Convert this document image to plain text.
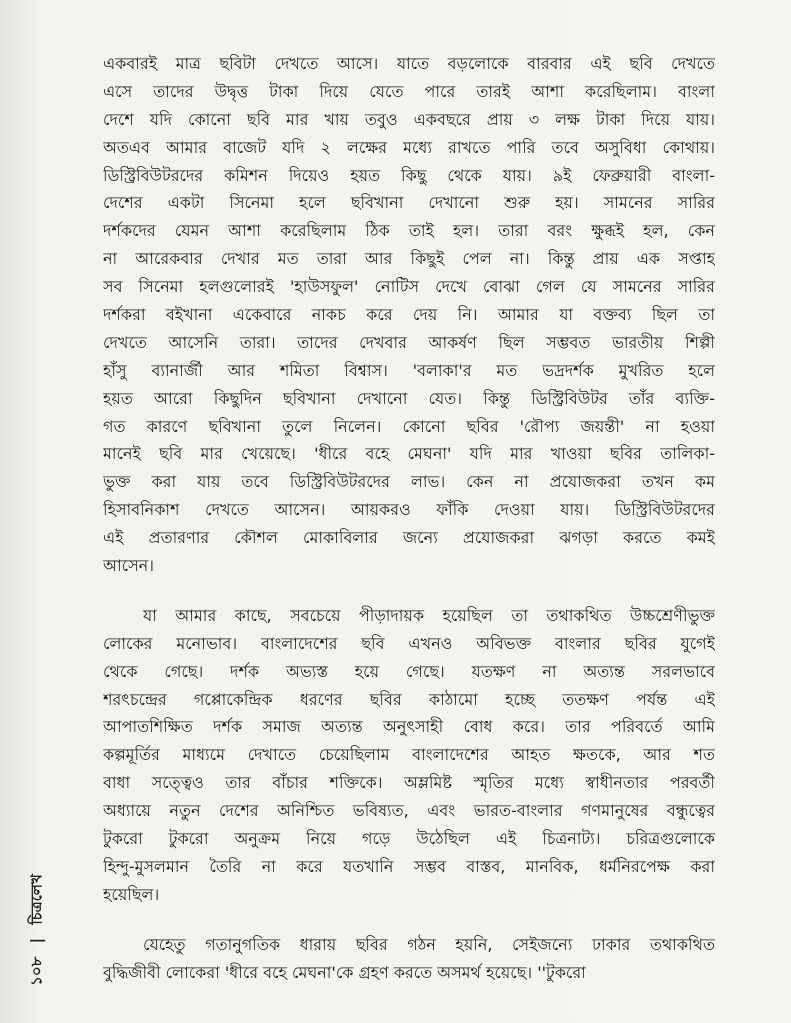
একবারই মাত্র ছবিটা দেখতে আসে। যাতে বড়লোকে বারবার এই ছবি দেখতে
এসে তাদের উদ্বৃত্ত টাকা দিয়ে যেতে পারে তারই আশা করেছিলাম। বাংলা
দেশে যদি কোনো ছবি মার খায় তবুও একবছরে প্রায় ৩ লক্ষ টাকা দিয়ে যায়।
অতএব আমার বাজেট যদি ২ লক্ষের মধ্যে রাখতে পারি তবে অসুবিধা কোথায়।
ডিস্ট্রিবিউটরদের কমিশন দিয়েও হয়ত কিছু থেকে যায়। ৯ই ফেব্রুয়ারী বাংলা-
দেশের একটা সিনেমা হলে ছবিখানা দেখানো শুরু হয়। সামনের সারির
দর্শকদের যেমন আশা করেছিলাম ঠিক তাই হল। তারা বরং ক্ষুব্ধই হল, কেন
না আরেকবার দেখার মত তারা আর কিছুই পেল না। কিন্তু প্রায় এক সপ্তাহ
সব সিনেমা হলগুলোরই 'হাউসফুল' নোটিস দেখে বোঝা গেল যে সামনের সারির
দর্শকরা বইখানা একেবারে নাকচ করে দেয় নি। আমার যা বক্তব্য ছিল তা
দেখতে আসেনি তারা। তাদের দেখবার আকর্ষণ ছিল সম্ভবত ভারতীয় শিল্পী
হাঁসু ব্যানার্জী আর শমিতা বিশ্বাস। 'বলাকা'র মত ভদ্রদর্শক মুখরিত হলে
হয়ত আরো কিছুদিন ছবিখানা দেখানো যেত। কিন্তু ডিস্ট্রিবিউটর তাঁর ব্যক্তি-
গত কারণে ছবিখানা তুলে নিলেন। কোনো ছবির 'রৌপ্য জয়ন্তী' না হওয়া
মানেই ছবি মার খেয়েছে। 'ধীরে বহে মেঘনা' যদি মার খাওয়া ছবির তালিকা-
ভুক্ত করা যায় তবে ডিস্ট্রিবিউটরদের লাভ। কেন না প্রযোজকরা তখন কম
হিসাবনিকাশ দেখতে আসেন। আয়করও ফাঁকি দেওয়া যায়। ডিস্ট্রিবিউটরদের
এই প্রতারণার কৌশল মোকাবিলার জন্যে প্রযোজকরা ঝগড়া করতে কমই
আসেন।
যা আমার কাছে, সবচেয়ে পীড়াদায়ক হয়েছিল তা তথাকথিত উচ্চশ্রেণীভুক্ত
লোকের মনোভাব। বাংলাদেশের ছবি এখনও অবিভক্ত বাংলার ছবির যুগেই
থেকে গেছে। দর্শক অভ্যস্ত হয়ে গেছে। যতক্ষণ না অত্যন্ত সরলভাবে
শরৎচন্দ্রের গপ্পোকেন্দ্রিক ধরণের ছবির কাঠামো হচ্ছে ততক্ষণ পর্যন্ত এই
আপাতশিক্ষিত দর্শক সমাজ অত্যন্ত অনুৎসাহী বোধ করে। তার পরিবর্তে আমি
কল্পমূর্তির মাধ্যমে দেখাতে চেয়েছিলাম বাংলাদেশের আহত ক্ষতকে, আর শত
বাধা সত্ত্বেও তার বাঁচার শক্তিকে। অম্লমিষ্ট স্মৃতির মধ্যে স্বাধীনতার পরবর্তী
অধ্যায়ে নতুন দেশের অনিশ্চিত ভবিষ্যত, এবং ভারত-বাংলার গণমানুষের বন্ধুত্বের
টুকরো টুকরো অনুক্রম নিয়ে গড়ে উঠেছিল এই চিত্রনাট্য। চরিত্রগুলোকে
হিন্দু-মুসলমান তৈরি না করে যতখানি সম্ভব বাস্তব, মানবিক, ধর্মনিরপেক্ষ করা
হয়েছিল।
যেহেতু গতানুগতিক ধারায় ছবির গঠন হয়নি, সেইজন্যে ঢাকার তথাকথিত
বুদ্ধিজীবী লোকেরা 'ধীরে বহে মেঘনা'কে গ্রহণ করতে অসমর্থ হয়েছে। ''টুকরো
১০৮ | চিত্রলেখ
